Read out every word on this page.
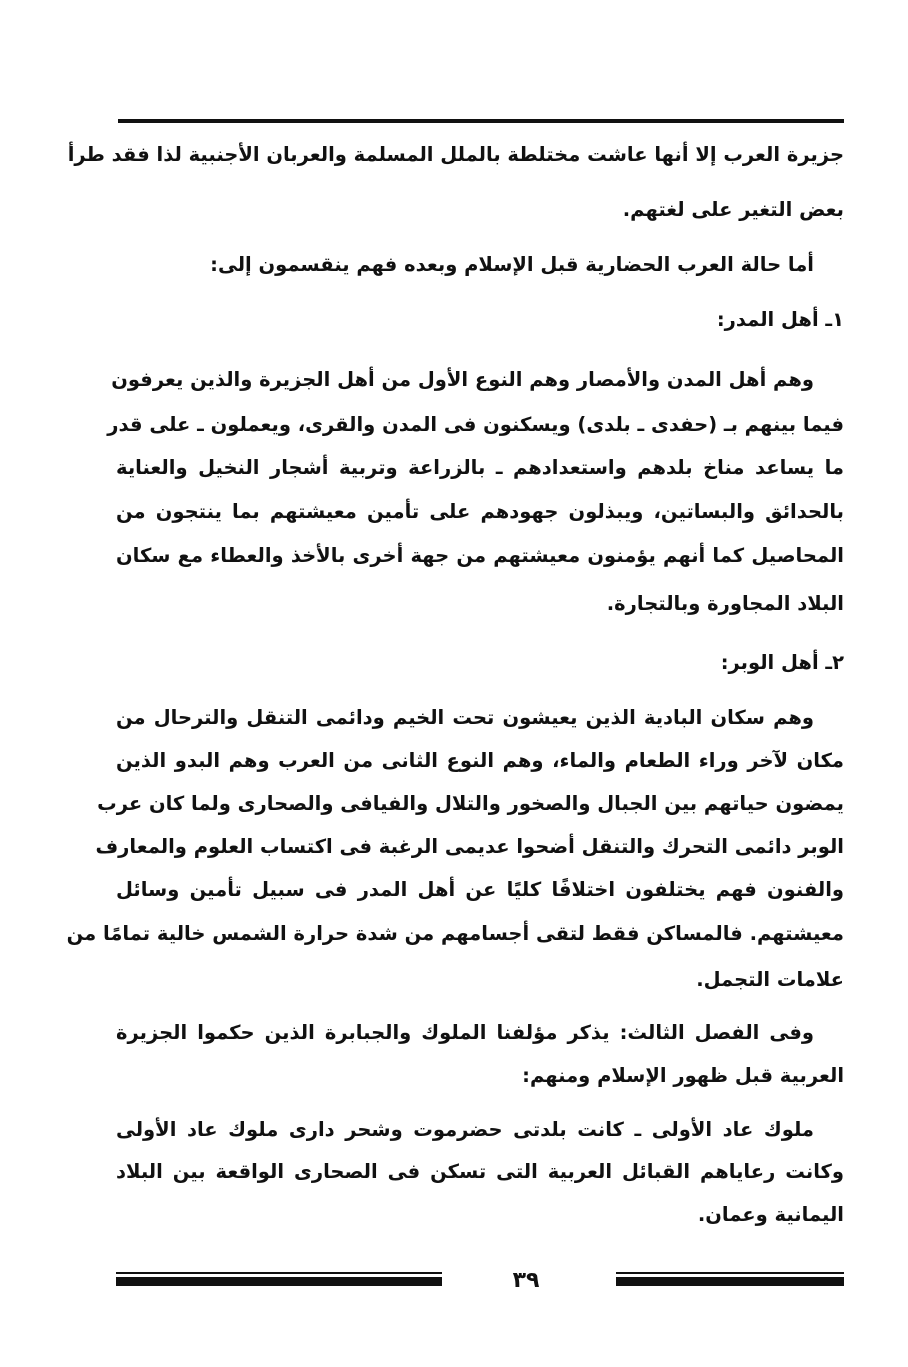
جزيرة العرب إلا أنها عاشت مختلطة بالملل المسلمة والعربان الأجنبية لذا فقد طرأ
بعض التغير على لغتهم.
أما حالة العرب الحضارية قبل الإسلام وبعده فهم ينقسمون إلى:
١ـ أهل المدر:
وهم أهل المدن والأمصار وهم النوع الأول من أهل الجزيرة والذين يعرفون
فيما بينهم بـ (حفدى ـ بلدى) ويسكنون فى المدن والقرى، ويعملون ـ على قدر
ما يساعد مناخ بلدهم واستعدادهم ـ بالزراعة وتربية أشجار النخيل والعناية
بالحدائق والبساتين، ويبذلون جهودهم على تأمين معيشتهم بما ينتجون من
المحاصيل كما أنهم يؤمنون معيشتهم من جهة أخرى بالأخذ والعطاء مع سكان
البلاد المجاورة وبالتجارة.
٢ـ أهل الوبر:
وهم سكان البادية الذين يعيشون تحت الخيم ودائمى التنقل والترحال من
مكان لآخر وراء الطعام والماء، وهم النوع الثانى من العرب وهم البدو الذين
يمضون حياتهم بين الجبال والصخور والتلال والفيافى والصحارى ولما كان عرب
الوبر دائمى التحرك والتنقل أضحوا عديمى الرغبة فى اكتساب العلوم والمعارف
والفنون فهم يختلفون اختلافًا كليًا عن أهل المدر فى سبيل تأمين وسائل
معيشتهم. فالمساكن فقط لتقى أجسامهم من شدة حرارة الشمس خالية تمامًا من
علامات التجمل.
وفى الفصل الثالث: يذكر مؤلفنا الملوك والجبابرة الذين حكموا الجزيرة
العربية قبل ظهور الإسلام ومنهم:
ملوك عاد الأولى ـ كانت بلدتى حضرموت وشحر دارى ملوك عاد الأولى
وكانت رعاياهم القبائل العربية التى تسكن فى الصحارى الواقعة بين البلاد
اليمانية وعمان.
٣٩
